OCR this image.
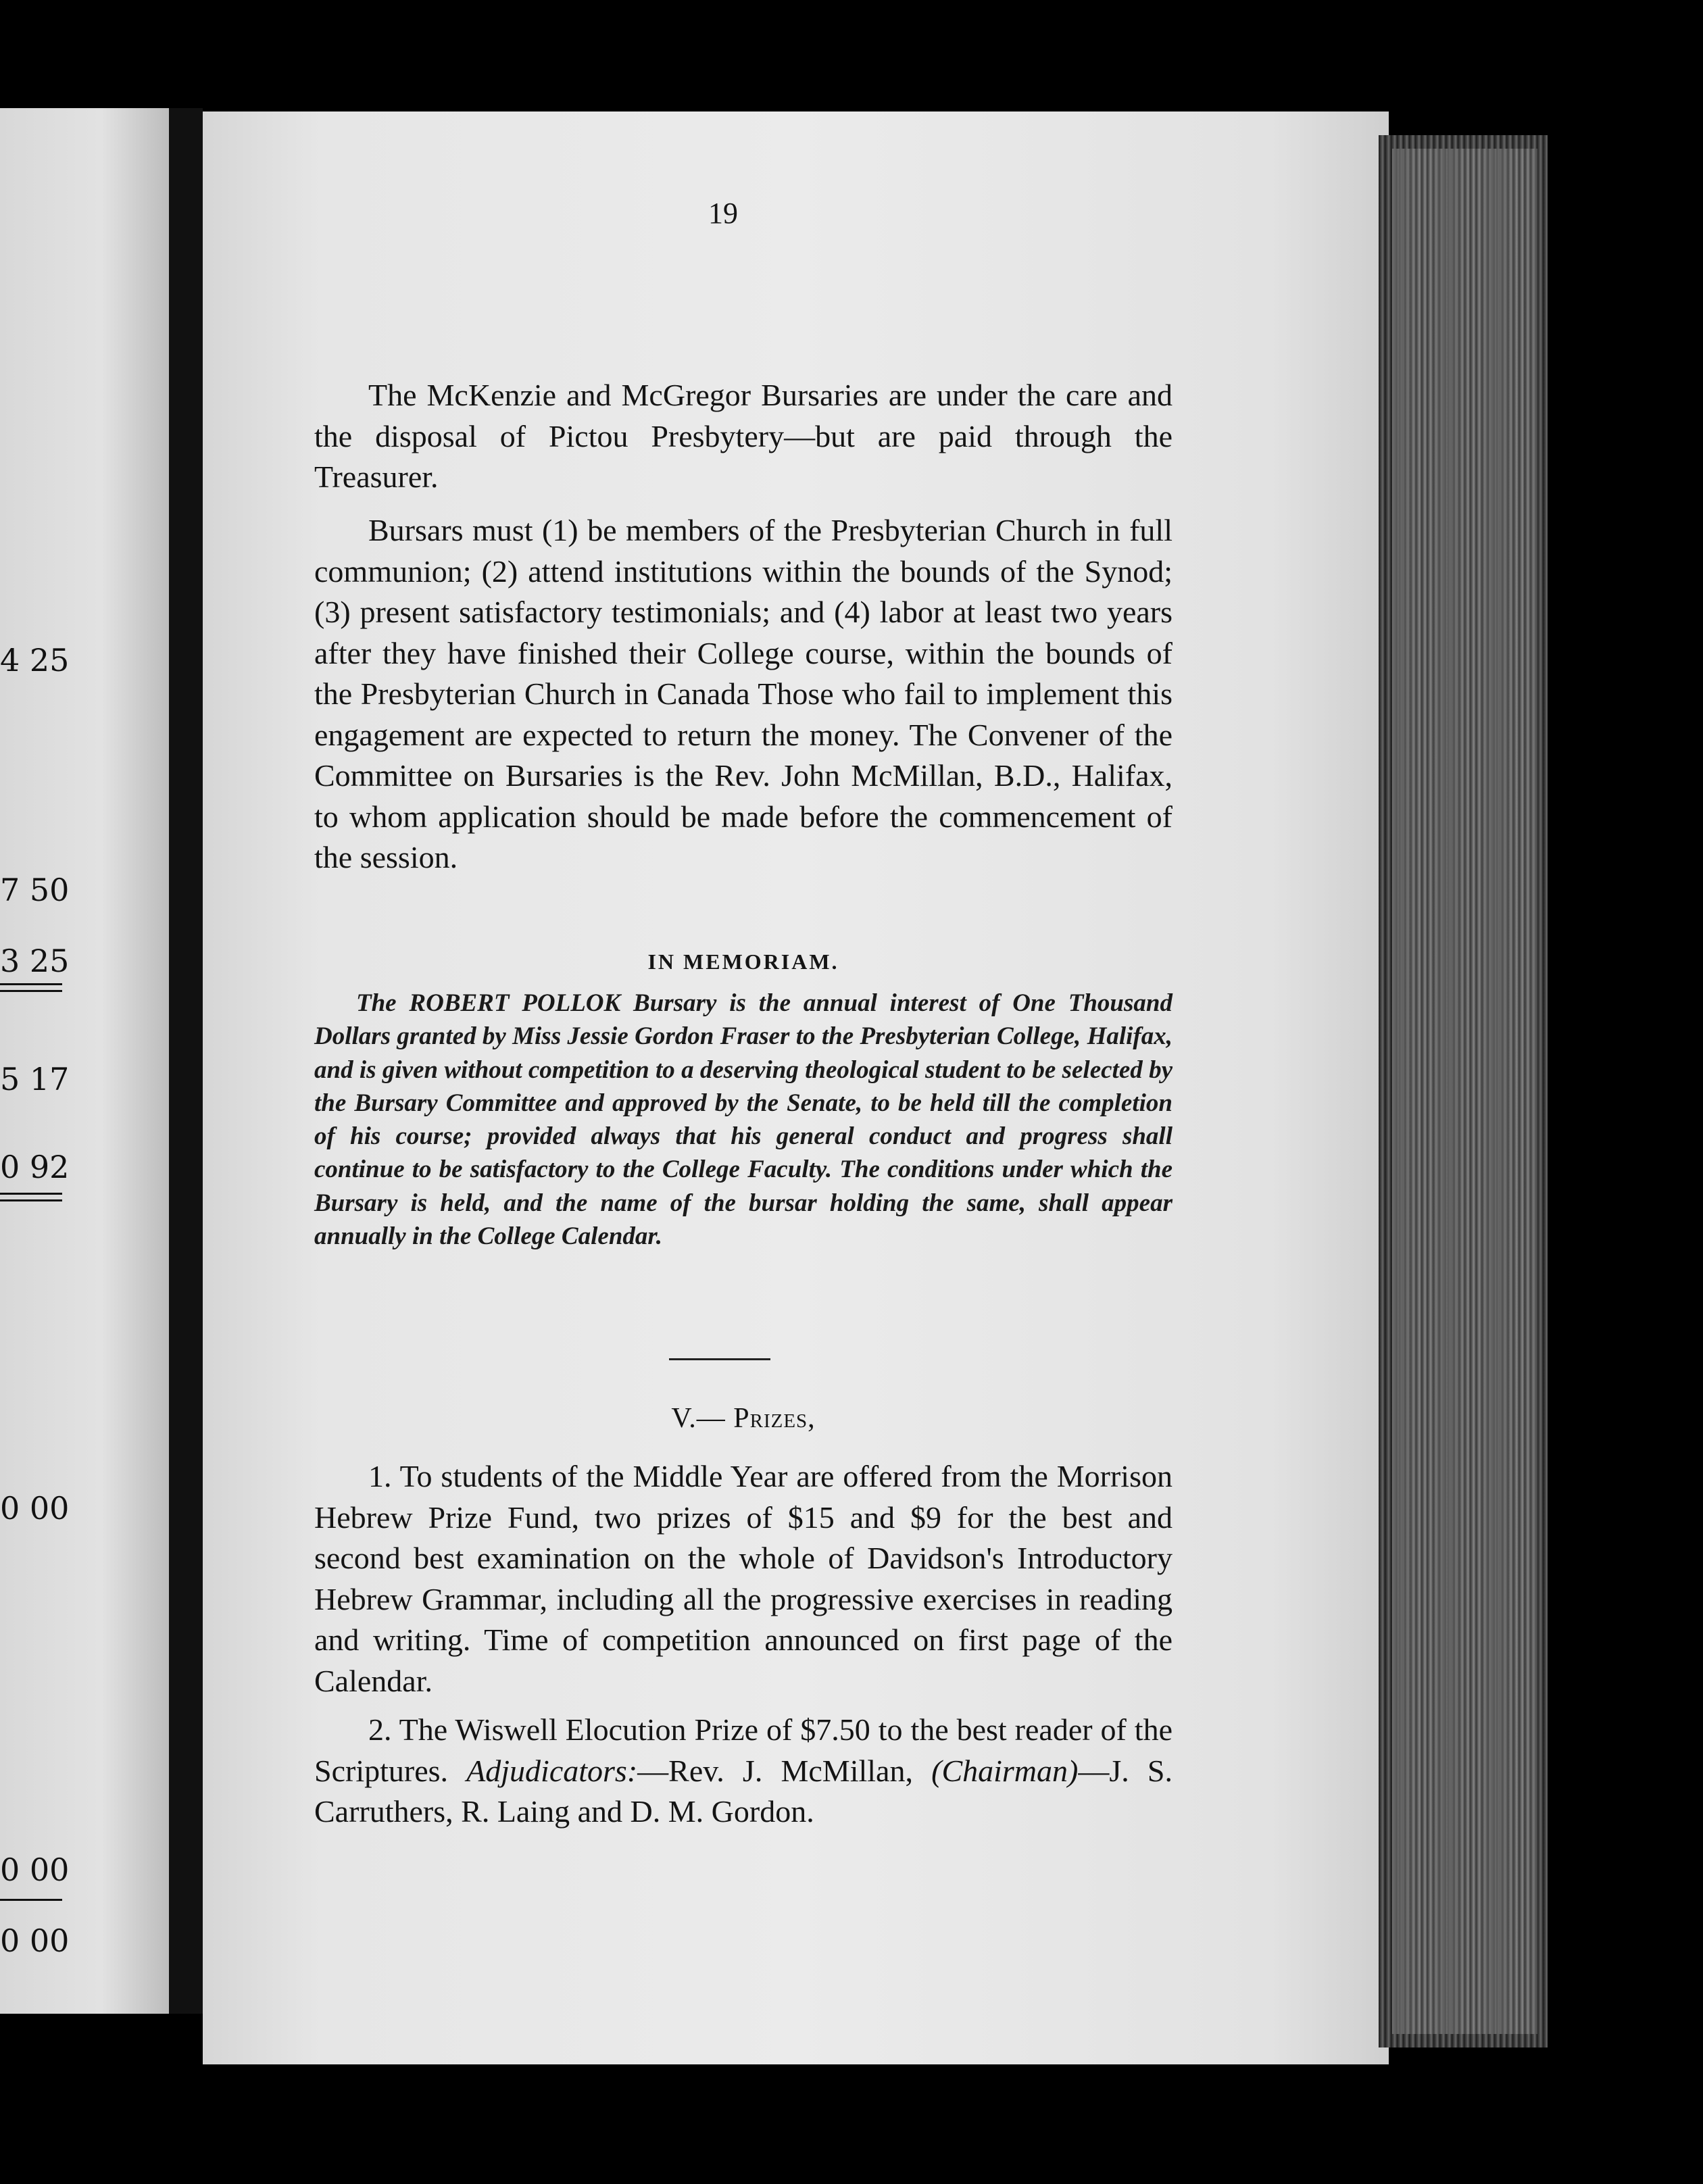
4 25
7 50
3 25
5 17
0 92
0 00
0 00
0 00
19
The McKenzie and McGregor Bursaries are under the care and the disposal of Pictou Presbytery—but are paid through the Treasurer.
Bursars must (1) be members of the Presbyterian Church in full communion; (2) attend institutions within the bounds of the Synod; (3) present satisfactory testimonials; and (4) labor at least two years after they have finished their College course, within the bounds of the Presbyterian Church in Canada Those who fail to implement this engagement are expected to return the money. The Convener of the Committee on Bursaries is the Rev. John McMillan, B.D., Halifax, to whom application should be made before the commencement of the session.
IN MEMORIAM.
The ROBERT POLLOK Bursary is the annual interest of One Thousand Dollars granted by Miss Jessie Gordon Fraser to the Presbyterian College, Halifax, and is given without competition to a deserving theological student to be selected by the Bursary Committee and approved by the Senate, to be held till the completion of his course; provided always that his general conduct and progress shall continue to be satisfactory to the College Faculty. The conditions under which the Bursary is held, and the name of the bursar holding the same, shall appear annually in the College Calendar.
V.— Prizes,
1. To students of the Middle Year are offered from the Morrison Hebrew Prize Fund, two prizes of $15 and $9 for the best and second best examination on the whole of Davidson's Introductory Hebrew Grammar, including all the progressive exercises in reading and writing. Time of competition announced on first page of the Calendar.
2. The Wiswell Elocution Prize of $7.50 to the best reader of the Scriptures. Adjudicators:—Rev. J. McMillan, (Chairman)—J. S. Carruthers, R. Laing and D. M. Gordon.
